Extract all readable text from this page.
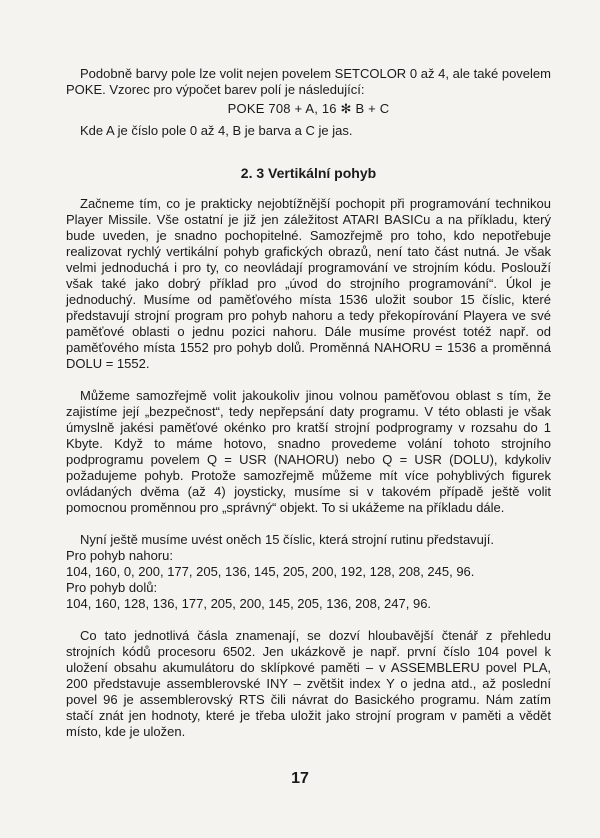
Podobně barvy pole lze volit nejen povelem SETCOLOR 0 až 4, ale také povelem POKE. Vzorec pro výpočet barev polí je následující:

POKE 708 + A, 16 ✻ B + C

Kde A je číslo pole 0 až 4, B je barva a C je jas.

2. 3 Vertikální pohyb

Začneme tím, co je prakticky nejobtížnější pochopit při programování technikou Player Missile. Vše ostatní je již jen záležitost ATARI BASICu a na příkladu, který bude uveden, je snadno pochopitelné. Samozřejmě pro toho, kdo nepotřebuje realizovat rychlý vertikální pohyb grafických obrazů, není tato část nutná. Je však velmi jednoduchá i pro ty, co neovládají programování ve strojním kódu. Poslouží však také jako dobrý příklad pro „úvod do strojního programování“. Úkol je jednoduchý. Musíme od paměťového místa 1536 uložit soubor 15 číslic, které představují strojní program pro pohyb nahoru a tedy překopírování Playera ve své paměťové oblasti o jednu pozici nahoru. Dále musíme provést totéž např. od paměťového místa 1552 pro pohyb dolů. Proměnná NAHORU = 1536 a proměnná DOLU = 1552.

Můžeme samozřejmě volit jakoukoliv jinou volnou paměťovou oblast s tím, že zajistíme její „bezpečnost“, tedy nepřepsání daty programu. V této oblasti je však úmyslně jakési paměťové okénko pro kratší strojní podprogramy v rozsahu do 1 Kbyte. Když to máme hotovo, snadno provedeme volání tohoto strojního podprogramu povelem Q = USR (NAHORU) nebo Q = USR (DOLU), kdykoliv požadujeme pohyb. Protože samozřejmě můžeme mít více pohyblivých figurek ovládaných dvěma (až 4) joysticky, musíme si v takovém případě ještě volit pomocnou proměnnou pro „správný“ objekt. To si ukážeme na příkladu dále.

Nyní ještě musíme uvést oněch 15 číslic, která strojní rutinu představují.

Pro pohyb nahoru:

104, 160, 0, 200, 177, 205, 136, 145, 205, 200, 192, 128, 208, 245, 96.

Pro pohyb dolů:

104, 160, 128, 136, 177, 205, 200, 145, 205, 136, 208, 247, 96.

Co tato jednotlivá čásla znamenají, se dozví hloubavější čtenář z přehledu strojních kódů procesoru 6502. Jen ukázkově je např. první číslo 104 povel k uložení obsahu akumulátoru do sklípkové paměti – v ASSEMBLERU povel PLA, 200 představuje assemblerovské INY – zvětšit index Y o jedna atd., až poslední povel 96 je assemblerovský RTS čili návrat do Basického programu. Nám zatím stačí znát jen hodnoty, které je třeba uložit jako strojní program v paměti a vědět místo, kde je uložen.

17
